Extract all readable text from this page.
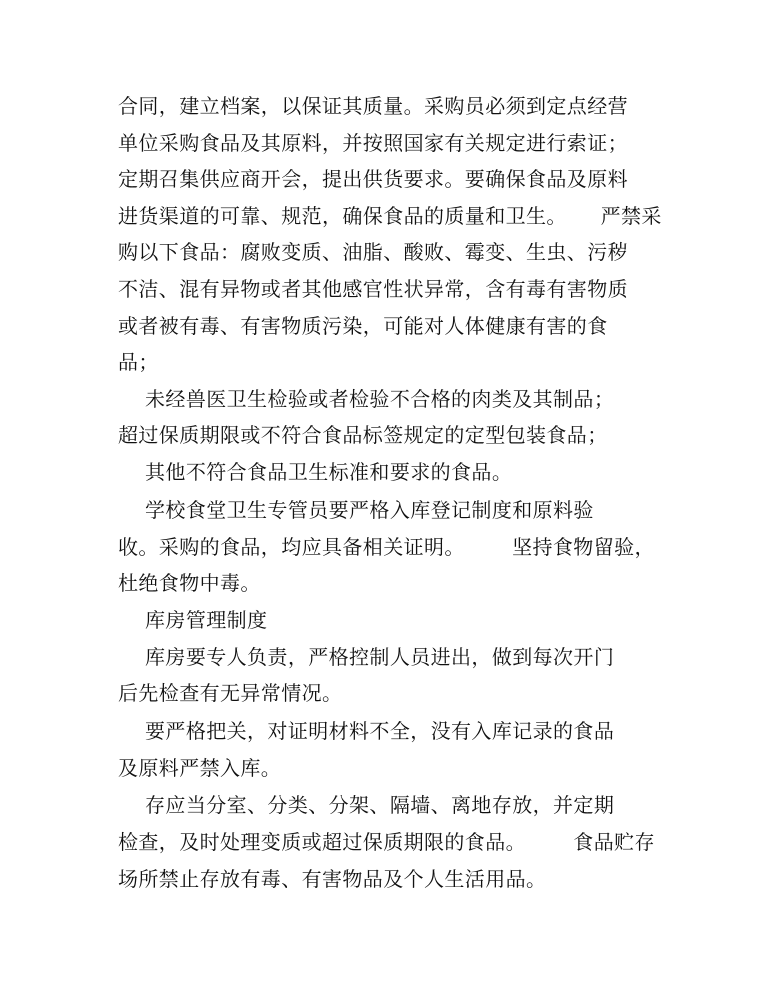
合同，建立档案，以保证其质量。采购员必须到定点经营
单位采购食品及其原料，并按照国家有关规定进行索证；
定期召集供应商开会，提出供货要求。要确保食品及原料
进货渠道的可靠、规范，确保食品的质量和卫生。     严禁采
购以下食品：腐败变质、油脂、酸败、霉变、生虫、污秽
不洁、混有异物或者其他感官性状异常，含有毒有害物质
或者被有毒、有害物质污染，可能对人体健康有害的食
品；
未经兽医卫生检验或者检验不合格的肉类及其制品；
超过保质期限或不符合食品标签规定的定型包装食品；
其他不符合食品卫生标准和要求的食品。
学校食堂卫生专管员要严格入库登记制度和原料验
收。采购的食品，均应具备相关证明。       坚持食物留验，
杜绝食物中毒。
库房管理制度
库房要专人负责，严格控制人员进出，做到每次开门
后先检查有无异常情况。
要严格把关，对证明材料不全，没有入库记录的食品
及原料严禁入库。
存应当分室、分类、分架、隔墙、离地存放，并定期
检查，及时处理变质或超过保质期限的食品。       食品贮存
场所禁止存放有毒、有害物品及个人生活用品。
